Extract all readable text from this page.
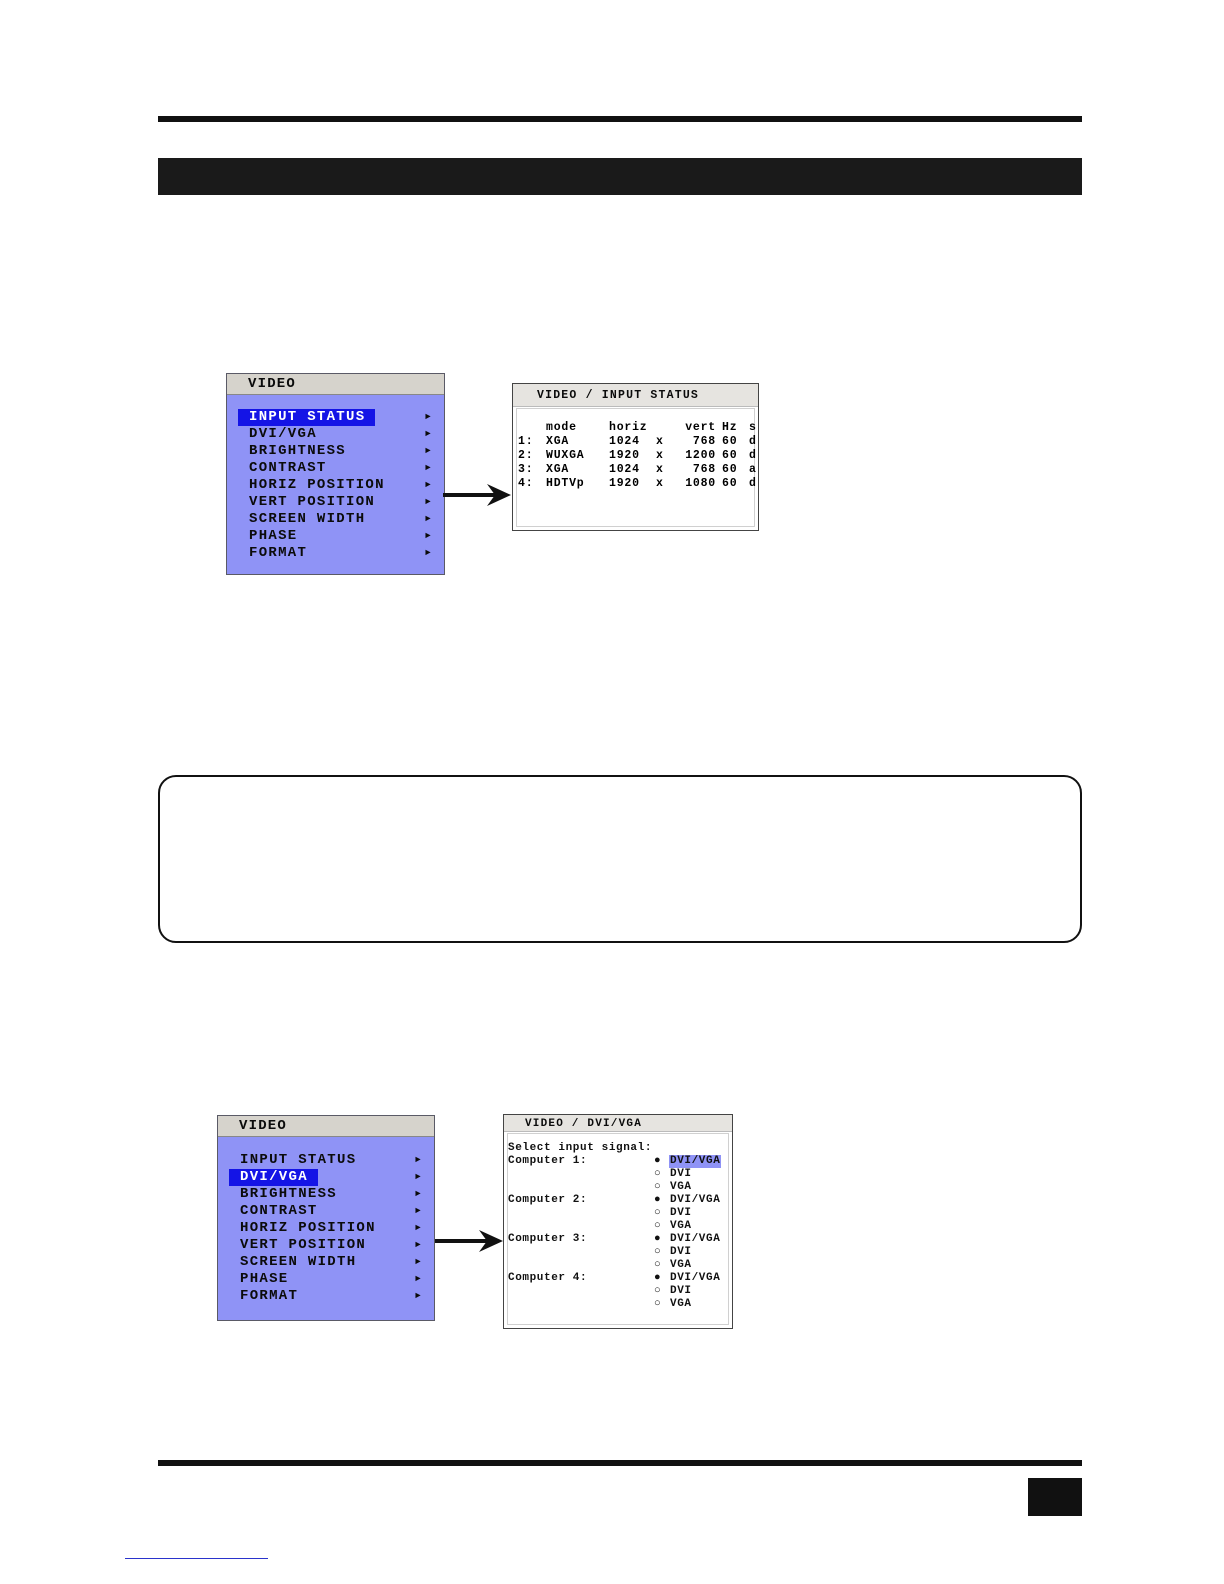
VIDEO
INPUT STATUS	►
DVI/VGA	►
BRIGHTNESS	►
CONTRAST	►
HORIZ POSITION	►
VERT POSITION	►
SCREEN WIDTH	►
PHASE	►
FORMAT	►
VIDEO / INPUT STATUS
	mode	horiz		vert	Hz	s
1:	XGA	1024	x	768	60	d
2:	WUXGA	1920	x	1200	60	d
3:	XGA	1024	x	768	60	a
4:	HDTVp	1920	x	1080	60	d
VIDEO
INPUT STATUS	►
DVI/VGA	►
BRIGHTNESS	►
CONTRAST	►
HORIZ POSITION	►
VERT POSITION	►
SCREEN WIDTH	►
PHASE	►
FORMAT	►
VIDEO / DVI/VGA
Select input signal:
Computer 1:	● DVI/VGA
○ DVI
○ VGA
Computer 2:	● DVI/VGA
○ DVI
○ VGA
Computer 3:	● DVI/VGA
○ DVI
○ VGA
Computer 4:	● DVI/VGA
○ DVI
○ VGA
